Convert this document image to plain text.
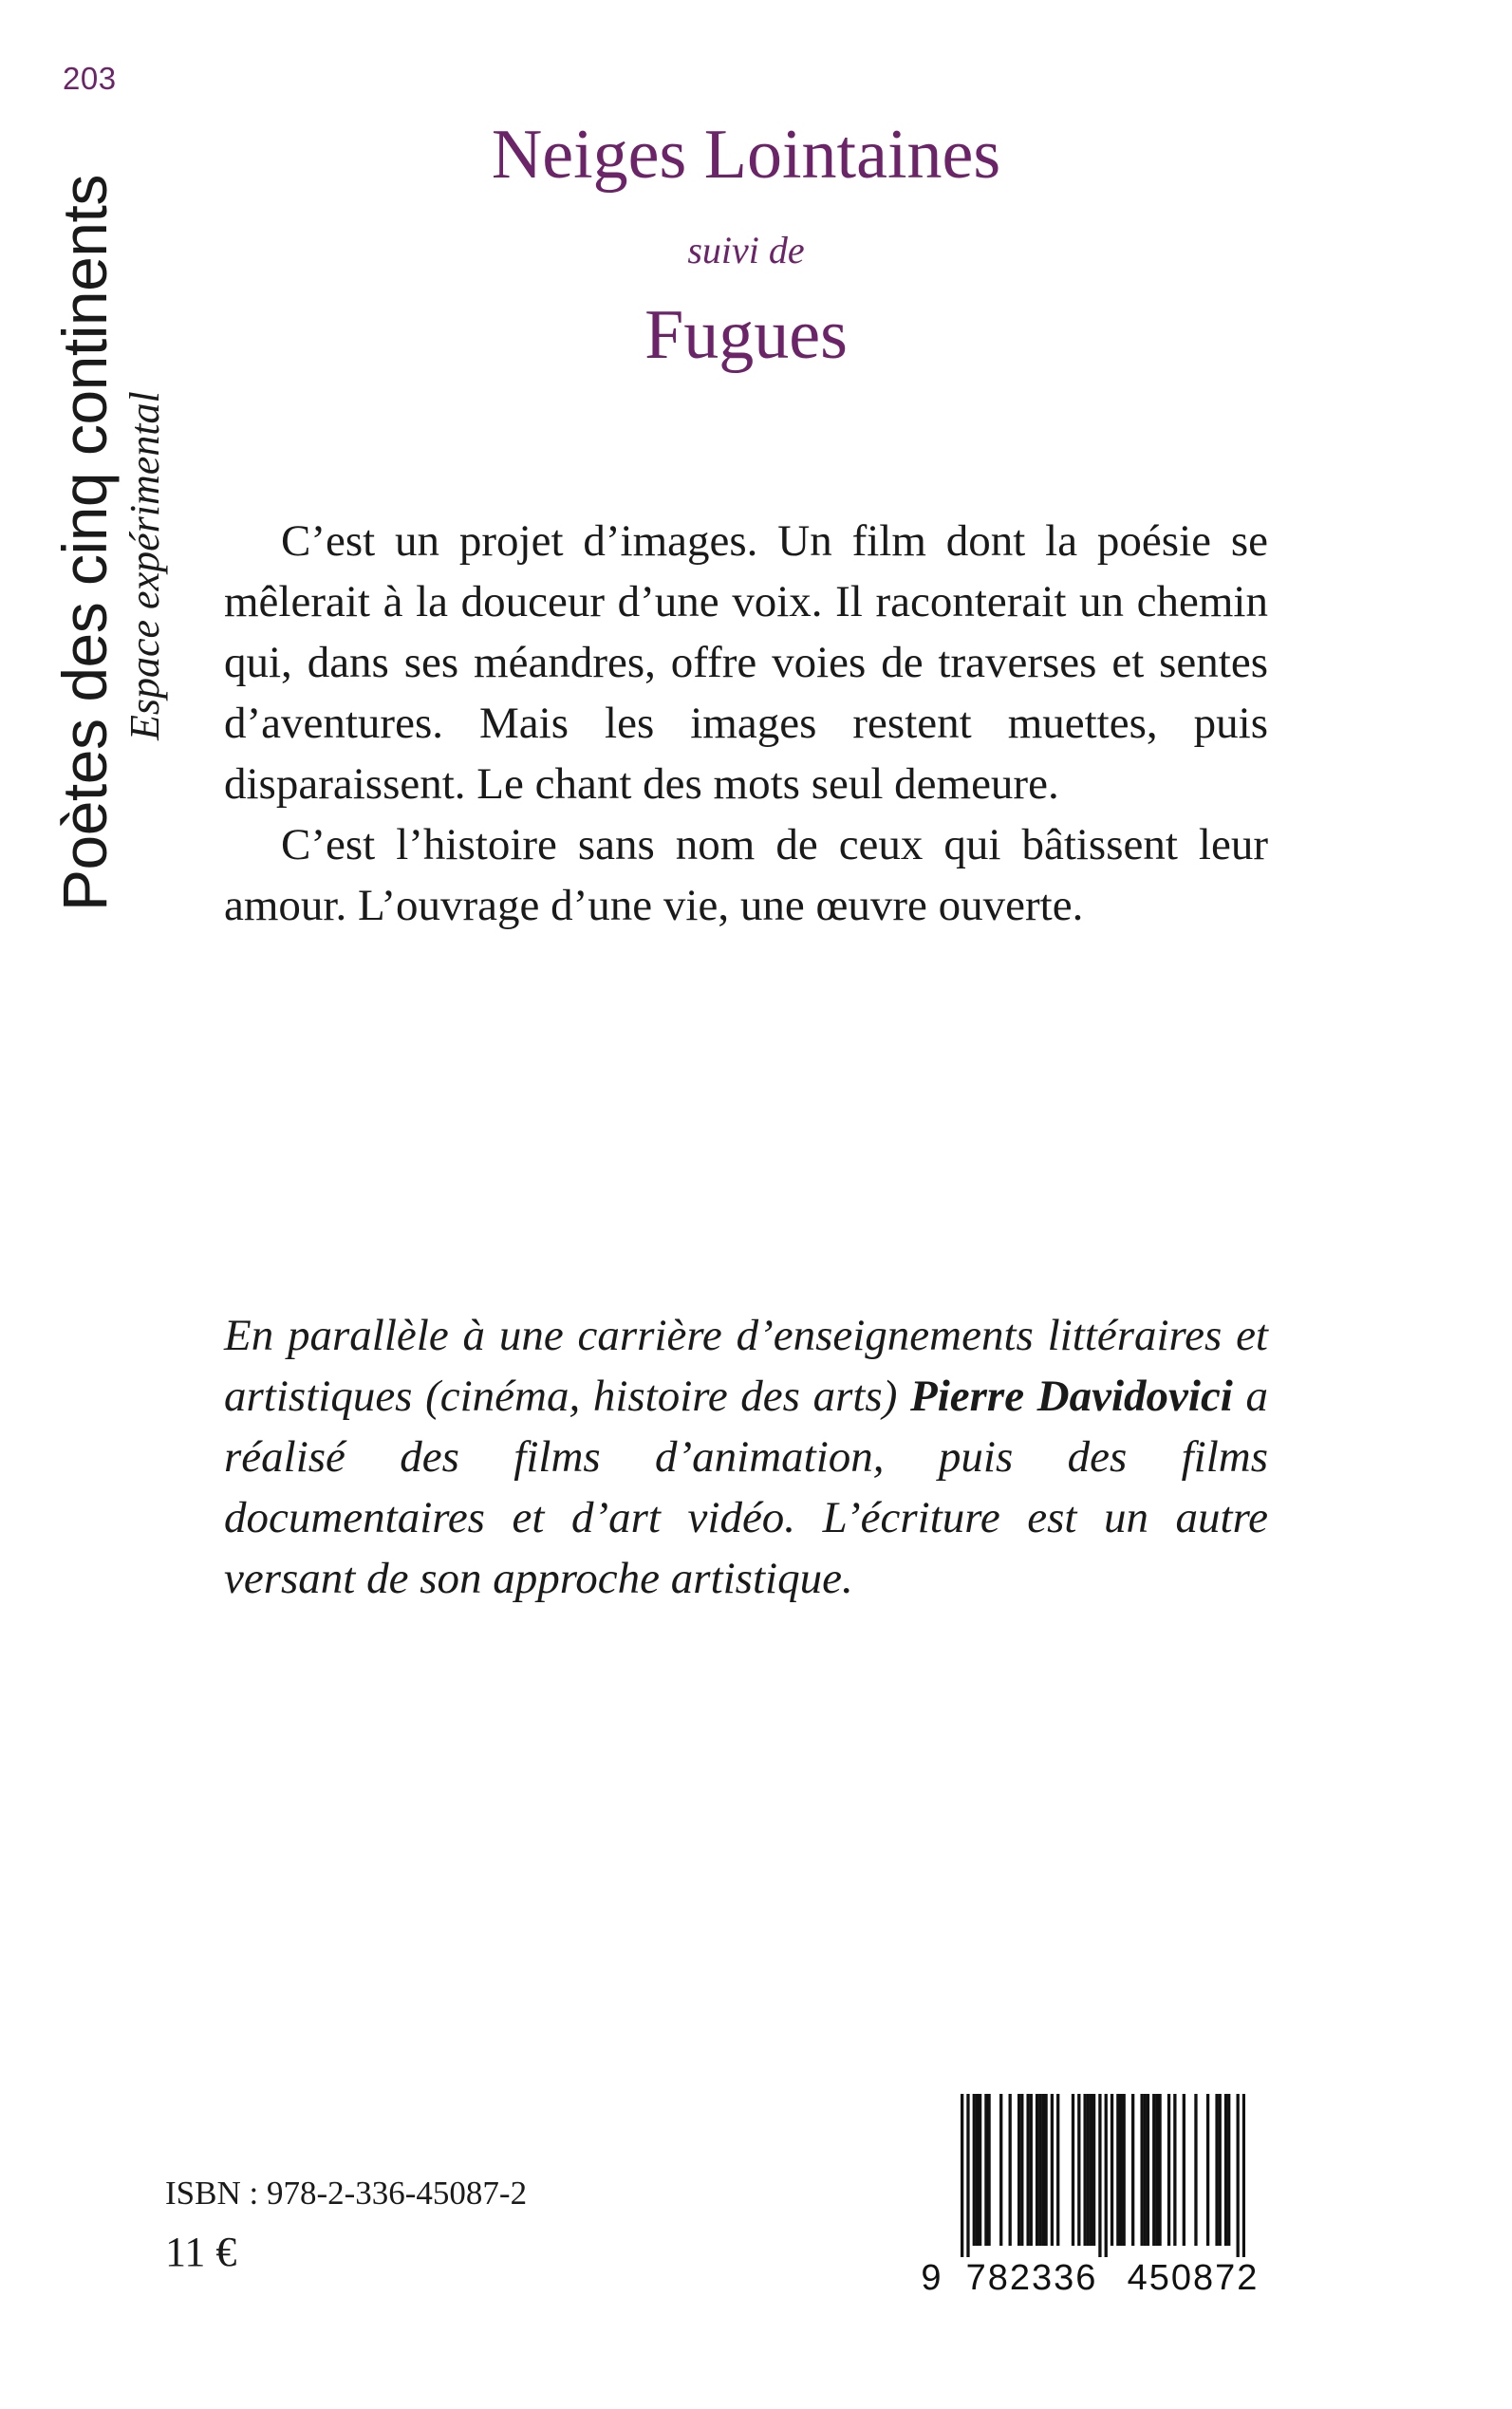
203
Poètes des cinq continents Espace expérimental
Neiges Lointaines
suivi de
Fugues

C’est un projet d’images. Un film dont la poésie se mêlerait à la douceur d’une voix. Il raconterait un chemin qui, dans ses méandres, offre voies de traverses et sentes d’aventures. Mais les images restent muettes, puis disparaissent. Le chant des mots seul demeure.

C’est l’histoire sans nom de ceux qui bâtissent leur amour. L’ouvrage d’une vie, une œuvre ouverte.

En parallèle à une carrière d’enseignements littéraires et artistiques (cinéma, histoire des arts) Pierre Davidovici a réalisé des films d’animation, puis des films documentaires et d’art vidéo. L’écriture est un autre versant de son approche artistique.
ISBN : 978-2-336-45087-2
11 €
9 782336 450872
